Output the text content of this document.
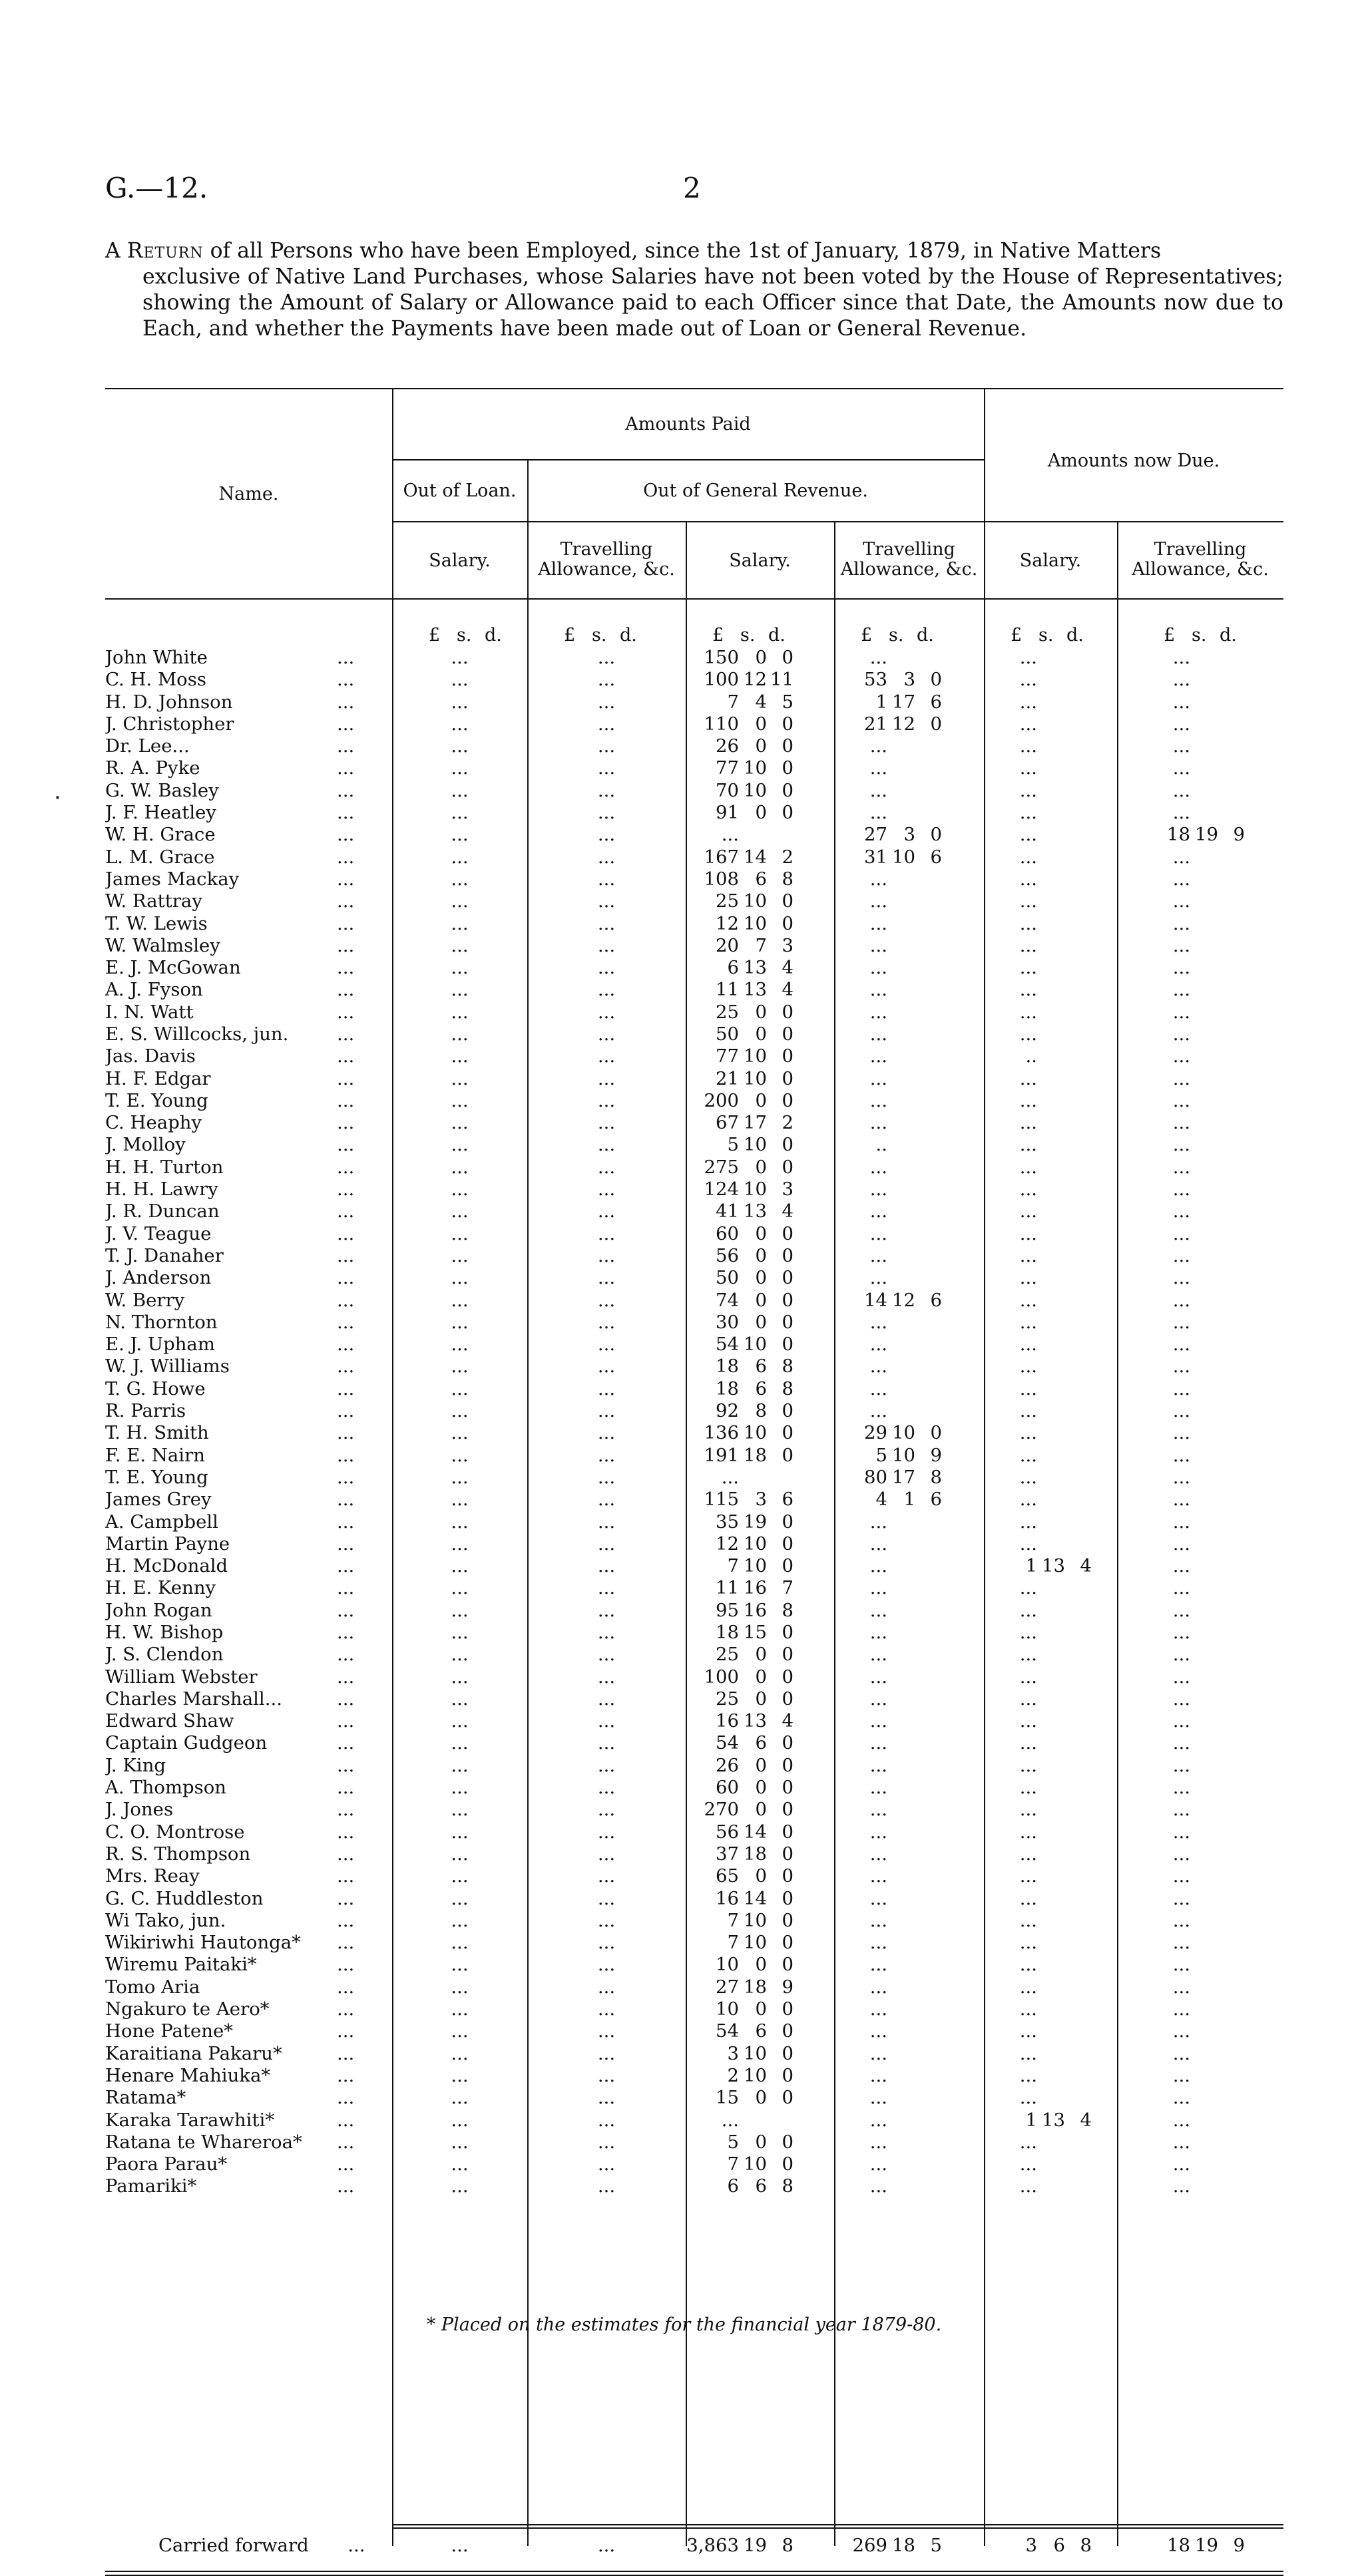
G.—12.	2
A Return of all Persons who have been Employed, since the 1st of January, 1879, in Native Matters
exclusive of Native Land Purchases, whose Salaries have not been voted by the House of Representatives; showing the Amount of Salary or Allowance paid to each Officer since that Date, the Amounts now due to Each, and whether the Payments have been made out of Loan or General Revenue.
Amounts Paid
Name.	Out of Loan.	Out of General Revenue.
Amounts now Due.
Salary.
Travelling
Allowance, &c.	Salary.
Travelling
Allowance, &c.	Salary.
Travelling
Allowance, &c.
		£ s. d.	£ s. d.	£ s. d.	£ s. d.	£ s. d.	£ s. d.
John White	...	...	...	150 0 0	...	...	...

C. H. Moss	...	...	...	100 12 11	53 3 0	...	...

H. D. Johnson	...	...	...	7 4 5	1 17 6	...	...

J. Christopher	...	...	...	110 0 0	21 12 0	...	...

Dr. Lee...	...	...	...	26 0 0	...	...	...

R. A. Pyke	...	...	...	77 10 0	...	...	...

G. W. Basley	...	...	...	70 10 0	...	...	...

J. F. Heatley	...	...	...	91 0 0	...	...	...

W. H. Grace	...	...	...	...	27 3 0	...	18 19 9

L. M. Grace	...	...	...	167 14 2	31 10 6	...	...

James Mackay	...	...	...	108 6 8	...	...	...

W. Rattray	...	...	...	25 10 0	...	...	...

T. W. Lewis	...	...	...	12 10 0	...	...	...

W. Walmsley	...	...	...	20 7 3	...	...	...

E. J. McGowan	...	...	...	6 13 4	...	...	...

A. J. Fyson	...	...	...	11 13 4	...	...	...

I. N. Watt	...	...	...	25 0 0	...	...	...

E. S. Willcocks, jun.	...	...	...	50 0 0	...	...	...

Jas. Davis	...	...	...	77 10 0	...	..	...

H. F. Edgar	...	...	...	21 10 0	...	...	...

T. E. Young	...	...	...	200 0 0	...	...	...

C. Heaphy	...	...	...	67 17 2	...	...	...

J. Molloy	...	...	...	5 10 0	..	...	...

H. H. Turton	...	...	...	275 0 0	...	...	...

H. H. Lawry	...	...	...	124 10 3	...	...	...

J. R. Duncan	...	...	...	41 13 4	...	...	...

J. V. Teague	...	...	...	60 0 0	...	...	...

T. J. Danaher	...	...	...	56 0 0	...	...	...

J. Anderson	...	...	...	50 0 0	...	...	...

W. Berry	...	...	...	74 0 0	14 12 6	...	...

N. Thornton	...	...	...	30 0 0	...	...	...

E. J. Upham	...	...	...	54 10 0	...	...	...

W. J. Williams	...	...	...	18 6 8	...	...	...

T. G. Howe	...	...	...	18 6 8	...	...	...

R. Parris	...	...	...	92 8 0	...	...	...

T. H. Smith	...	...	...	136 10 0	29 10 0	...	...

F. E. Nairn	...	...	...	191 18 0	5 10 9	...	...

T. E. Young	...	...	...	...	80 17 8	...	...

James Grey	...	...	...	115 3 6	4 1 6	...	...

A. Campbell	...	...	...	35 19 0	...	...	...

Martin Payne	...	...	...	12 10 0	...	...	...

H. McDonald	...	...	...	7 10 0	...	1 13 4	...

H. E. Kenny	...	...	...	11 16 7	...	...	...

John Rogan	...	...	...	95 16 8	...	...	...

H. W. Bishop	...	...	...	18 15 0	...	...	...

J. S. Clendon	...	...	...	25 0 0	...	...	...

William Webster	...	...	...	100 0 0	...	...	...

Charles Marshall...	...	...	...	25 0 0	...	...	...

Edward Shaw	...	...	...	16 13 4	...	...	...

Captain Gudgeon	...	...	...	54 6 0	...	...	...

J. King	...	...	...	26 0 0	...	...	...

A. Thompson	...	...	...	60 0 0	...	...	...

J. Jones	...	...	...	270 0 0	...	...	...

C. O. Montrose	...	...	...	56 14 0	...	...	...

R. S. Thompson	...	...	...	37 18 0	...	...	...

Mrs. Reay	...	...	...	65 0 0	...	...	...

G. C. Huddleston	...	...	...	16 14 0	...	...	...

Wi Tako, jun.	...	...	...	7 10 0	...	...	...

Wikiriwhi Hautonga*	...	...	...	7 10 0	...	...	...

Wiremu Paitaki*	...	...	...	10 0 0	...	...	...

Tomo Aria	...	...	...	27 18 9	...	...	...

Ngakuro te Aero*	...	...	...	10 0 0	...	...	...

Hone Patene*	...	...	...	54 6 0	...	...	...

Karaitiana Pakaru*	...	...	...	3 10 0	...	...	...

Henare Mahiuka*	...	...	...	2 10 0	...	...	...

Ratama*	...	...	...	15 0 0	...	...	...

Karaka Tarawhiti*	...	...	...	...	...	1 13 4	...

Ratana te Whareroa*	...	...	...	5 0 0	...	...	...

Paora Parau*	...	...	...	7 10 0	...	...	...

Pamariki*	...	...	...	6 6 8	...	...	...
Carried forward	...	...	...	3,863 19 8	269 18 5	3 6 8	18 19 9
* Placed on the estimates for the financial year 1879-80.
